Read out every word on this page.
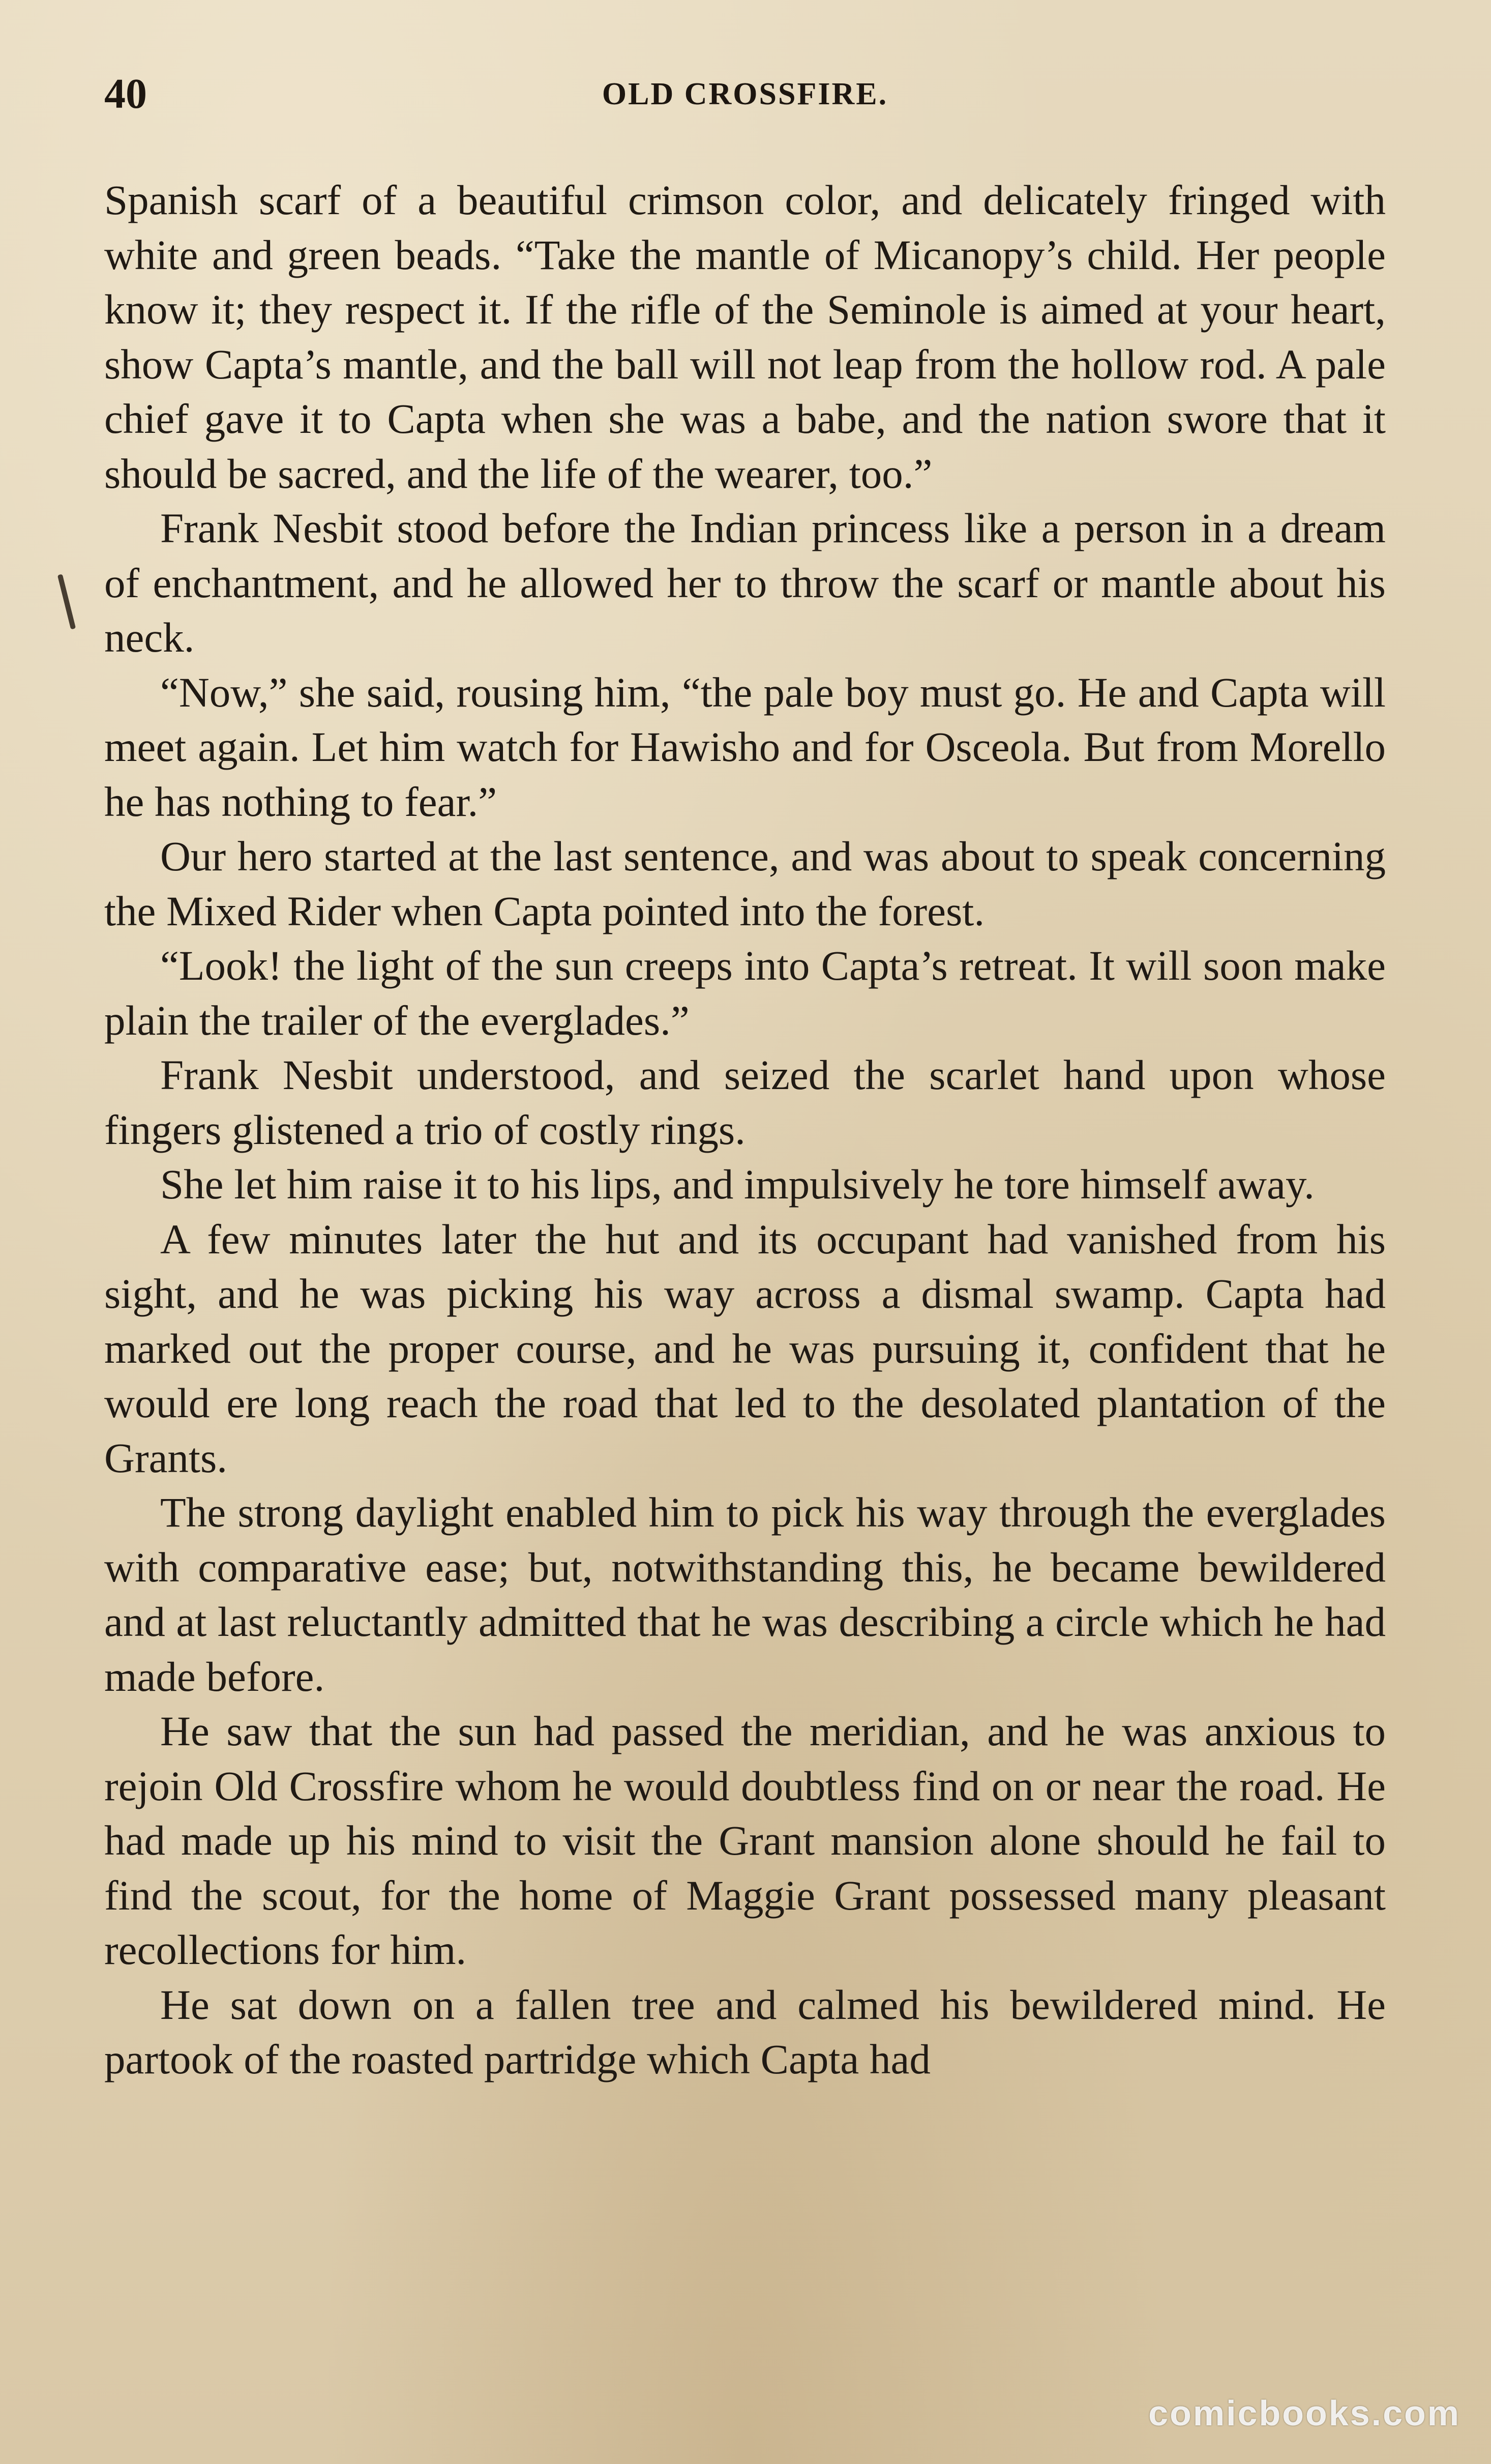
40	OLD CROSSFIRE.

Spanish scarf of a beautiful crimson color, and delicately fringed with white and green beads. “Take the mantle of Micanopy’s child. Her people know it; they respect it. If the rifle of the Seminole is aimed at your heart, show Capta’s mantle, and the ball will not leap from the hollow rod. A pale chief gave it to Capta when she was a babe, and the nation swore that it should be sacred, and the life of the wearer, too.”

Frank Nesbit stood before the Indian princess like a person in a dream of enchantment, and he allowed her to throw the scarf or mantle about his neck.

“Now,” she said, rousing him, “the pale boy must go. He and Capta will meet again. Let him watch for Hawisho and for Osceola. But from Morello he has nothing to fear.”

Our hero started at the last sentence, and was about to speak concerning the Mixed Rider when Capta pointed into the forest.

“Look! the light of the sun creeps into Capta’s retreat. It will soon make plain the trailer of the everglades.”

Frank Nesbit understood, and seized the scarlet hand upon whose fingers glistened a trio of costly rings.

She let him raise it to his lips, and impulsively he tore himself away.

A few minutes later the hut and its occupant had vanished from his sight, and he was picking his way across a dismal swamp. Capta had marked out the proper course, and he was pursuing it, confident that he would ere long reach the road that led to the desolated plantation of the Grants.

The strong daylight enabled him to pick his way through the everglades with comparative ease; but, notwithstanding this, he became bewildered and at last reluctantly admitted that he was describing a circle which he had made before.

He saw that the sun had passed the meridian, and he was anxious to rejoin Old Crossfire whom he would doubtless find on or near the road. He had made up his mind to visit the Grant mansion alone should he fail to find the scout, for the home of Maggie Grant possessed many pleasant recollections for him.

He sat down on a fallen tree and calmed his bewildered mind. He partook of the roasted partridge which Capta had

comicbooks.com
